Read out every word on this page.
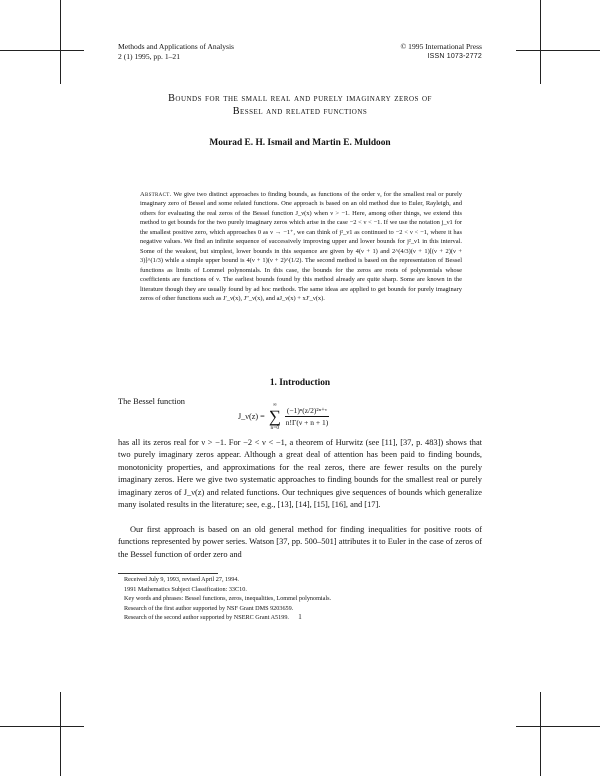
Methods and Applications of Analysis
2 (1) 1995, pp. 1–21
© 1995 International Press
ISSN 1073-2772
Bounds for the small real and purely imaginary zeros of
Bessel and related functions
Mourad E. H. Ismail and Martin E. Muldoon
Abstract. We give two distinct approaches to finding bounds, as functions of the order ν, for the smallest real or purely imaginary zero of Bessel and some related functions. One approach is based on an old method due to Euler, Rayleigh, and others for evaluating the real zeros of the Bessel function J_ν(x) when ν > −1. Here, among other things, we extend this method to get bounds for the two purely imaginary zeros which arise in the case −2 < ν < −1. If we use the notation j_ν1 for the smallest positive zero, which approaches 0 as ν → −1⁺, we can think of j²_ν1 as continued to −2 < ν < −1, where it has negative values. We find an infinite sequence of successively improving upper and lower bounds for j²_ν1 in this interval. Some of the weakest, but simplest, lower bounds in this sequence are given by 4(ν + 1) and 2^(4/3)(ν + 1)[(ν + 2)(ν + 3)]^(1/3) while a simple upper bound is 4(ν + 1)(ν + 2)^(1/2). The second method is based on the representation of Bessel functions as limits of Lommel polynomials. In this case, the bounds for the zeros are roots of polynomials whose coefficients are functions of ν. The earliest bounds found by this method already are quite sharp. Some are known in the literature though they are usually found by ad hoc methods. The same ideas are applied to get bounds for purely imaginary zeros of other functions such as J′_ν(x), J″_ν(x), and aJ_ν(x) + xJ′_ν(x).
1. Introduction
The Bessel function
J_ν(z) =
∞
∑
n=0
$\frac{\text{(−1)ⁿ(z/2)²ⁿ⁺ᵛ}}{n!\Gamma(\nu + n + 1)}$
has all its zeros real for ν > −1. For −2 < ν < −1, a theorem of Hurwitz (see [11], [37, p. 483]) shows that two purely imaginary zeros appear. Although a great deal of attention has been paid to finding bounds, monotonicity properties, and approximations for the real zeros, there are fewer results on the purely imaginary zeros. Here we give two systematic approaches to finding bounds for the smallest real or purely imaginary zeros of J_ν(z) and related functions. Our techniques give sequences of bounds which generalize many isolated results in the literature; see, e.g., [13], [14], [15], [16], and [17].
Our first approach is based on an old general method for finding inequalities for positive roots of functions represented by power series. Watson [37, pp. 500–501] attributes it to Euler in the case of zeros of the Bessel function of order zero and
Received July 9, 1993, revised April 27, 1994.
1991 Mathematics Subject Classification: 33C10.
Key words and phrases: Bessel functions, zeros, inequalities, Lommel polynomials.
Research of the first author supported by NSF Grant DMS 9203659.
Research of the second author supported by NSERC Grant A5199.	1
